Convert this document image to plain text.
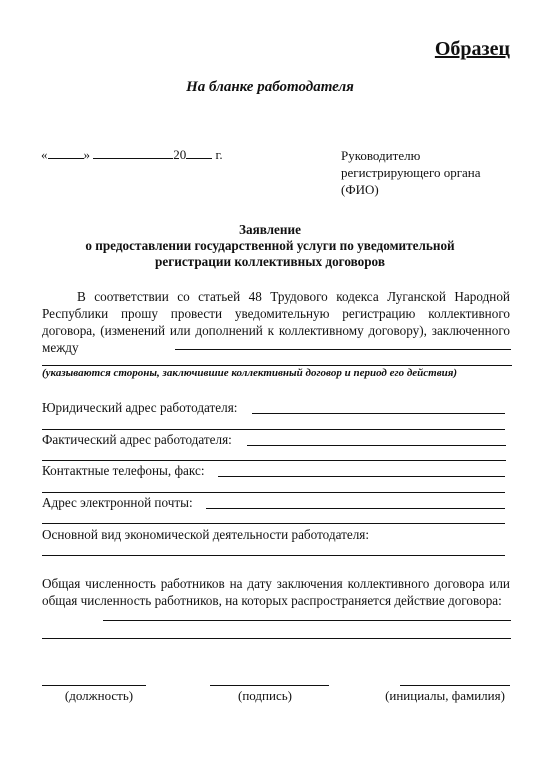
Образец
На бланке работодателя
«	»	20 г.	Руководителю
регистрирующего органа
(ФИО)
Заявление
о предоставлении государственной услуги по уведомительной
регистрации коллективных договоров
В соответствии со статьей 48 Трудового кодекса Луганской Народной Республики прошу провести уведомительную регистрацию коллективного договора, (изменений или дополнений к коллективному договору), заключенного между
(указываются стороны, заключившие коллективный договор и период его действия)
Юридический адрес работодателя:
Фактический адрес работодателя:
Контактные телефоны, факс:
Адрес электронной почты:
Основной вид экономической деятельности работодателя:
Общая численность работников на дату заключения коллективного договора или общая численность работников, на которых распространяется действие договора:
(должность)	(подпись)	(инициалы, фамилия)
